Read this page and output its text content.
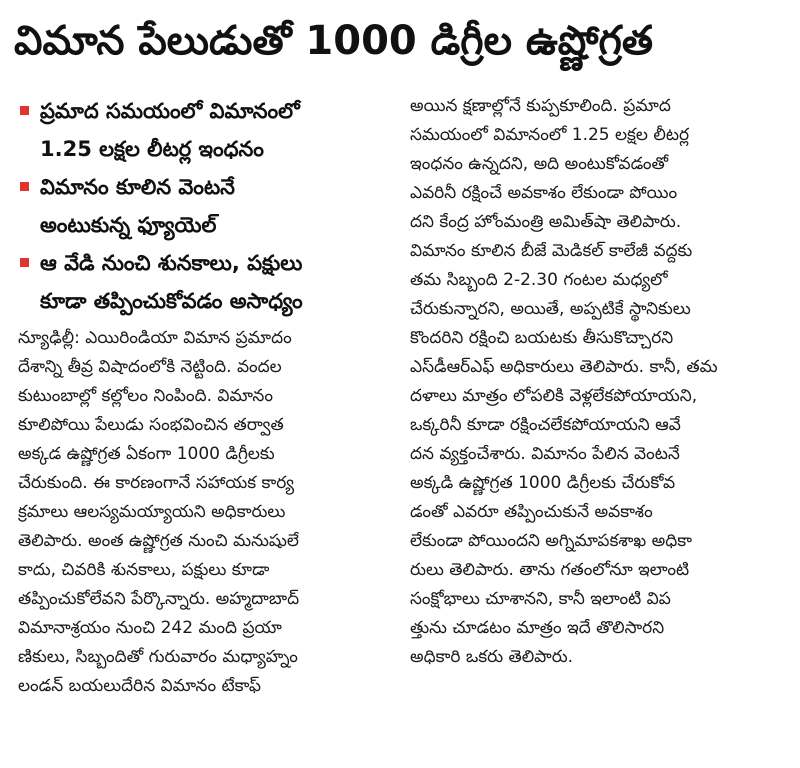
విమాన పేలుడుతో 1000 డిగ్రీల ఉష్ణోగ్రత
ప్రమాద సమయంలో విమానంలో
1.25 లక్షల లీటర్ల ఇంధనం
విమానం కూలిన వెంటనే
అంటుకున్న ఫ్యూయెల్
ఆ వేడి నుంచి శునకాలు, పక్షులు
కూడా తప్పించుకోవడం అసాధ్యం
న్యూఢిల్లీ: ఎయిరిండియా విమాన ప్రమాదం
దేశాన్ని తీవ్ర విషాదంలోకి నెట్టింది. వందల
కుటుంబాల్లో కల్లోలం నింపింది. విమానం
కూలిపోయి పేలుడు సంభవించిన తర్వాత
అక్కడ ఉష్ణోగ్రత ఏకంగా 1000 డిగ్రీలకు
చేరుకుంది. ఈ కారణంగానే సహాయక కార్య
క్రమాలు ఆలస్యమయ్యాయని అధికారులు
తెలిపారు. అంత ఉష్ణోగ్రత నుంచి మనుషులే
కాదు, చివరికి శునకాలు, పక్షులు కూడా
తప్పించుకోలేవని పేర్కొన్నారు. అహ్మదాబాద్
విమానాశ్రయం నుంచి 242 మంది ప్రయా
ణికులు, సిబ్బందితో గురువారం మధ్యాహ్నం
లండన్ బయలుదేరిన విమానం టేకాఫ్
అయిన క్షణాల్లోనే కుప్పకూలింది. ప్రమాద
సమయంలో విమానంలో 1.25 లక్షల లీటర్ల
ఇంధనం ఉన్నదని, అది అంటుకోవడంతో
ఎవరినీ రక్షించే అవకాశం లేకుండా పోయిం
దని కేంద్ర హోంమంత్రి అమిత్‌షా తెలిపారు.
విమానం కూలిన బీజే మెడికల్ కాలేజీ వద్దకు
తమ సిబ్బంది 2-2.30 గంటల మధ్యలో
చేరుకున్నారని, అయితే, అప్పటికే స్థానికులు
కొందరిని రక్షించి బయటకు తీసుకొచ్చారని
ఎస్‌డీఆర్‌ఎఫ్ అధికారులు తెలిపారు. కానీ, తమ
దళాలు మాత్రం లోపలికి వెళ్లలేకపోయాయని,
ఒక్కరినీ కూడా రక్షించలేకపోయాయని ఆవే
దన వ్యక్తంచేశారు. విమానం పేలిన వెంటనే
అక్కడి ఉష్ణోగ్రత 1000 డిగ్రీలకు చేరుకోవ
డంతో ఎవరూ తప్పించుకునే అవకాశం
లేకుండా పోయిందని అగ్నిమాపకశాఖ అధికా
రులు తెలిపారు. తాను గతంలోనూ ఇలాంటి
సంక్షోభాలు చూశానని, కానీ ఇలాంటి విప
త్తును చూడటం మాత్రం ఇదే తొలిసారని
అధికారి ఒకరు తెలిపారు.
